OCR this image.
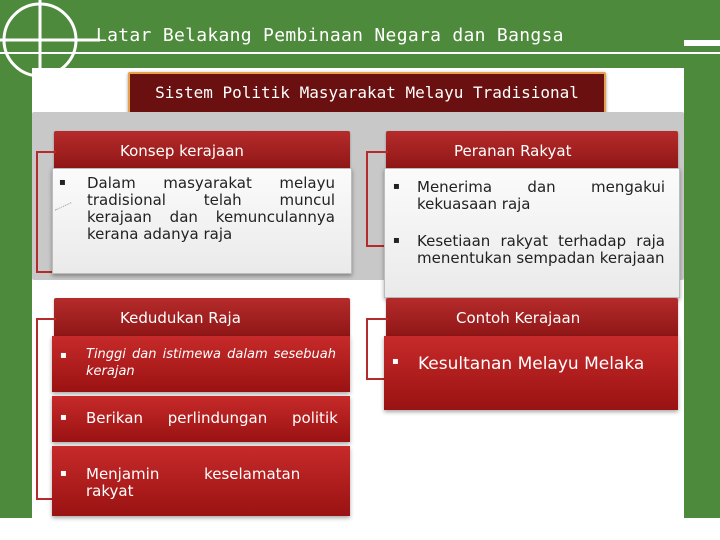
Latar Belakang Pembinaan Negara dan Bangsa
Sistem Politik Masyarakat Melayu Tradisional
Konsep kerajaan
▪ Dalam masyarakat melayu tradisional telah muncul kerajaan dan kemunculannya kerana adanya raja
Peranan Rakyat
▪ Menerima dan mengakui kekuasaan raja
▪ Kesetiaan rakyat terhadap raja menentukan sempadan kerajaan
Kedudukan Raja
▪ Tinggi dan istimewa dalam sesebuah kerajan
▪ Berikan perlindungan politik
▪ Menjamin keselamatan rakyat
Contoh Kerajaan
▪ Kesultanan Melayu Melaka
